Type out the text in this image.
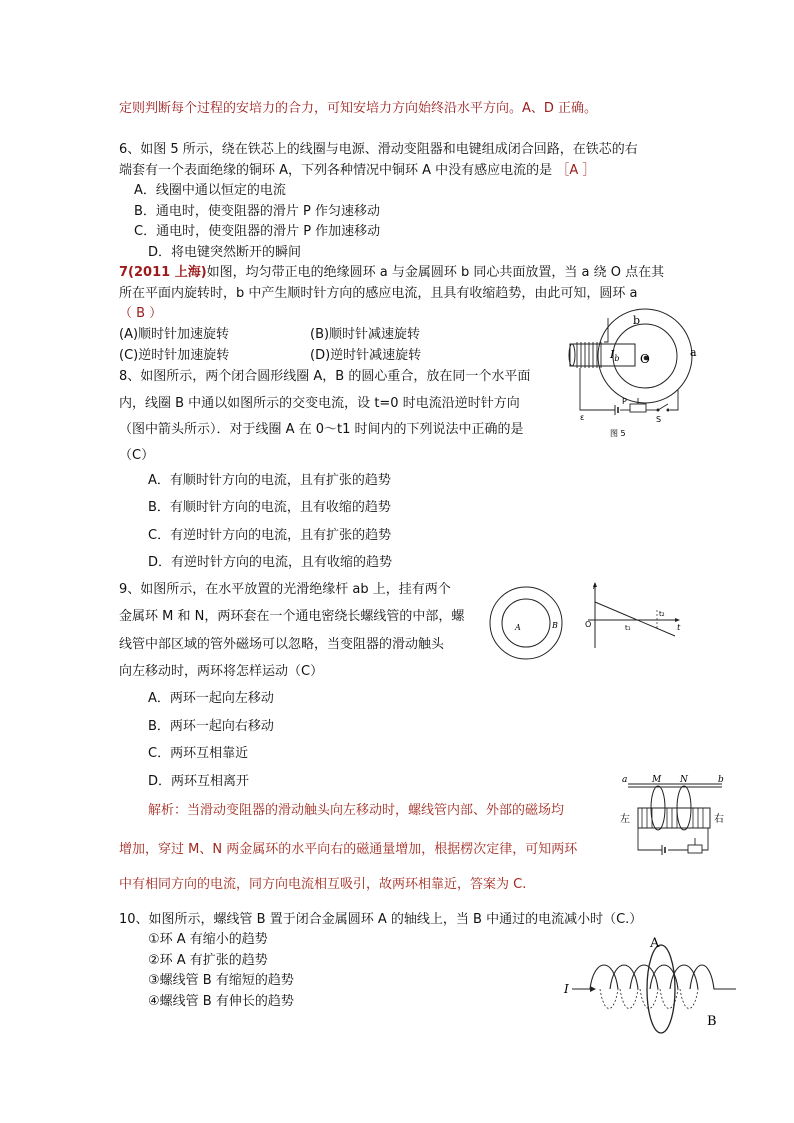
定则判断每个过程的安培力的合力，可知安培力方向始终沿水平方向。A、D 正确。
6、如图 5 所示，绕在铁芯上的线圈与电源、滑动变阻器和电键组成闭合回路，在铁芯的右
端套有一个表面绝缘的铜环 A，下列各种情况中铜环 A 中没有感应电流的是 ［A ］
A．线圈中通以恒定的电流
B．通电时，使变阻器的滑片 P 作匀速移动
C．通电时，使变阻器的滑片 P 作加速移动
D．将电键突然断开的瞬间
7(2011 上海)如图，均匀带正电的绝缘圆环 a 与金属圆环 b 同心共面放置，当 a 绕 O 点在其
所在平面内旋转时，b 中产生顺时针方向的感应电流，且具有收缩趋势，由此可知，圆环 a
（ B ）
(A)顺时针加速旋转	(B)顺时针减速旋转
(C)逆时针加速旋转	(D)逆时针减速旋转
b
a
O
$I_b$
ε
P
S
图 5
8、如图所示，两个闭合圆形线圈 A，B 的圆心重合，放在同一个水平面
内，线圈 B 中通以如图所示的交变电流，设 t=0 时电流沿逆时针方向
（图中箭头所示）．对于线圈 A 在 0～t1 时间内的下列说法中正确的是
（C）
A．有顺时针方向的电流，且有扩张的趋势
B．有顺时针方向的电流，且有收缩的趋势
C．有逆时针方向的电流，且有扩张的趋势
D．有逆时针方向的电流，且有收缩的趋势
A	B
i
O	t₁
t₂
t
9、如图所示，在水平放置的光滑绝缘杆 ab 上，挂有两个
金属环 M 和 N，两环套在一个通电密绕长螺线管的中部，螺
线管中部区域的管外磁场可以忽略，当变阻器的滑动触头
向左移动时，两环将怎样运动（C）
A．两环一起向左移动
B．两环一起向右移动
C．两环互相靠近
D．两环互相离开
解析：当滑动变阻器的滑动触头向左移动时，螺线管内部、外部的磁场均
增加，穿过 M、N 两金属环的水平向右的磁通量增加，根据楞次定律，可知两环
中有相同方向的电流，同方向电流相互吸引，故两环相靠近，答案为 C.
a	M N	b
左	右
10、如图所示，螺线管 B 置于闭合金属圆环 A 的轴线上，当 B 中通过的电流减小时（C.）
①环 A 有缩小的趋势
②环 A 有扩张的趋势
③螺线管 B 有缩短的趋势
④螺线管 B 有伸长的趋势
A
B
I
